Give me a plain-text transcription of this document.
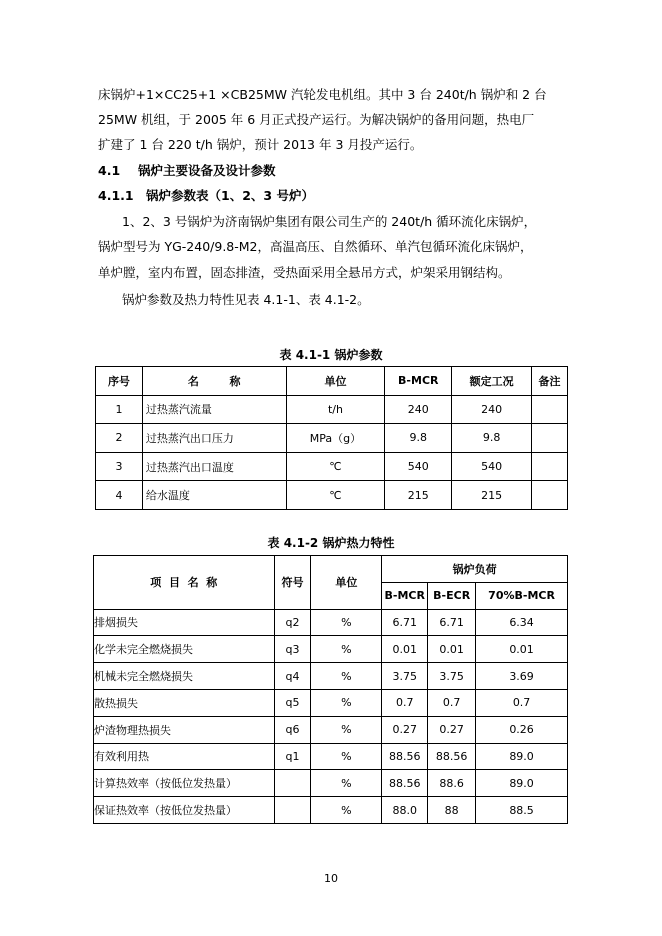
床锅炉+1×CC25+1 ×CB25MW 汽轮发电机组。其中 3 台 240t/h 锅炉和 2 台
25MW 机组，于 2005 年 6 月正式投产运行。为解决锅炉的备用问题，热电厂
扩建了 1 台 220 t/h 锅炉，预计 2013 年 3 月投产运行。
4.1 锅炉主要设备及设计参数
4.1.1 锅炉参数表（1、2、3 号炉）
1、2、3 号锅炉为济南锅炉集团有限公司生产的 240t/h 循环流化床锅炉，
锅炉型号为 YG-240/9.8-M2，高温高压、自然循环、单汽包循环流化床锅炉，
单炉膛，室内布置，固态排渣，受热面采用全悬吊方式，炉架采用钢结构。
锅炉参数及热力特性见表 4.1-1、表 4.1-2。
表 4.1-1 锅炉参数
序号	名        称	单位	B-MCR	额定工况	备注
1	过热蒸汽流量	t/h	240	240	
2	过热蒸汽出口压力	MPa（g）	9.8	9.8	
3	过热蒸汽出口温度	℃	540	540	
4	给水温度	℃	215	215	
表 4.1-2 锅炉热力特性
项  目  名  称	符号	单位	锅炉负荷		
			B-MCR	B-ECR	70%B-MCR
排烟损失	q2	%	6.71	6.71	6.34
化学未完全燃烧损失	q3	%	0.01	0.01	0.01
机械未完全燃烧损失	q4	%	3.75	3.75	3.69
散热损失	q5	%	0.7	0.7	0.7
炉渣物理热损失	q6	%	0.27	0.27	0.26
有效利用热	q1	%	88.56	88.56	89.0
计算热效率（按低位发热量）		%	88.56	88.6	89.0
保证热效率（按低位发热量）		%	88.0	88	88.5
10
